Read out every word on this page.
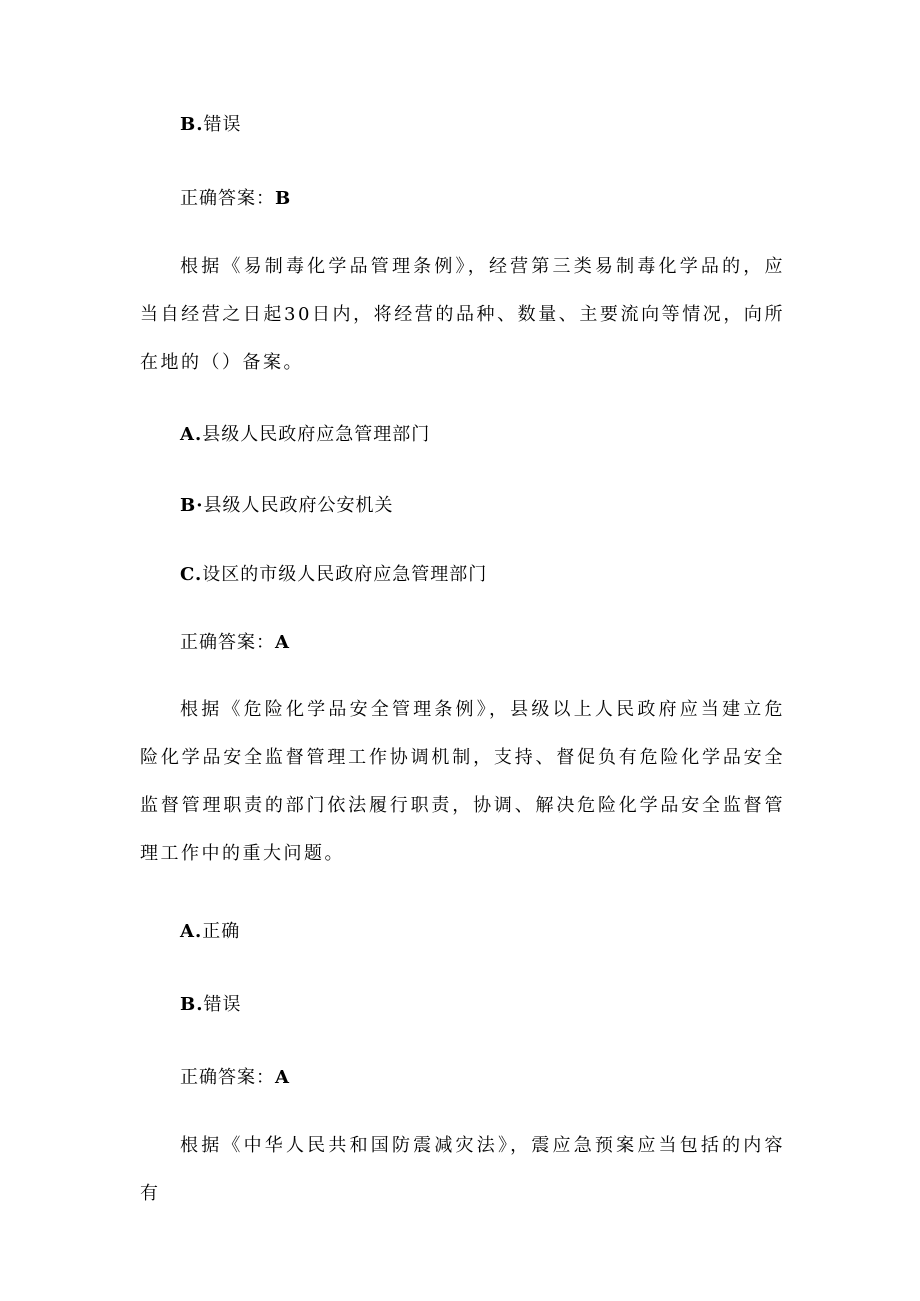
B.错误
正确答案：B
根据《易制毒化学品管理条例》，经营第三类易制毒化学品的，应当自经营之日起30日内，将经营的品种、数量、主要流向等情况，向所在地的（）备案。
A.县级人民政府应急管理部门
B·县级人民政府公安机关
C.设区的市级人民政府应急管理部门
正确答案：A
根据《危险化学品安全管理条例》，县级以上人民政府应当建立危险化学品安全监督管理工作协调机制，支持、督促负有危险化学品安全监督管理职责的部门依法履行职责，协调、解决危险化学品安全监督管理工作中的重大问题。
A.正确
B.错误
正确答案：A
根据《中华人民共和国防震减灾法》，震应急预案应当包括的内容有
